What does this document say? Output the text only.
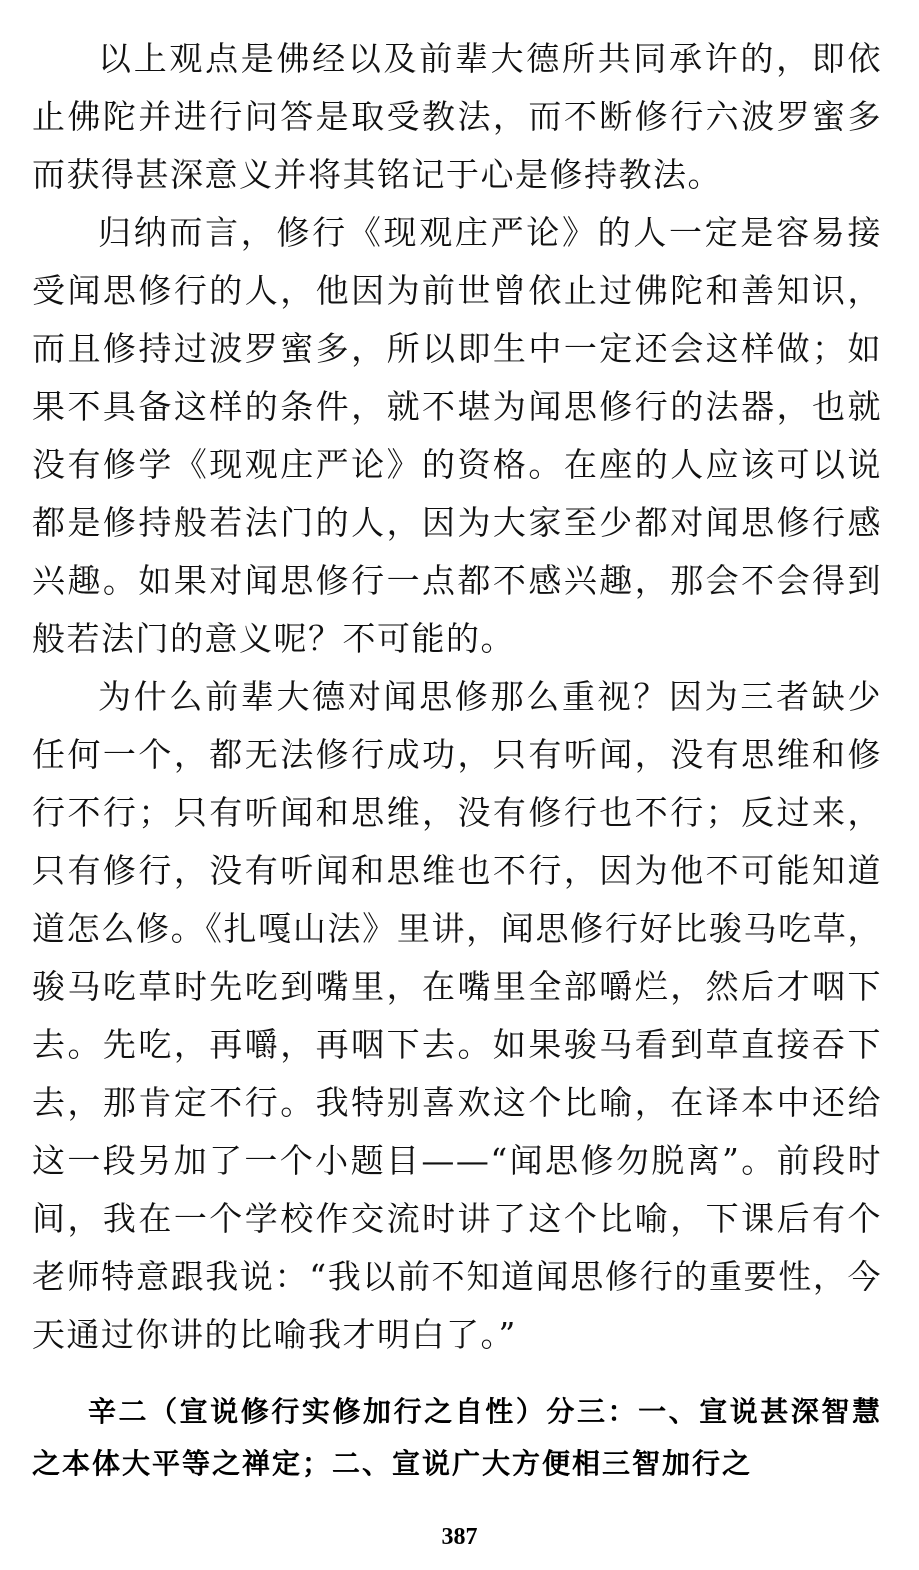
以上观点是佛经以及前辈大德所共同承许的，即依止佛陀并进行问答是取受教法，而不断修行六波罗蜜多而获得甚深意义并将其铭记于心是修持教法。

归纳而言，修行《现观庄严论》的人一定是容易接受闻思修行的人，他因为前世曾依止过佛陀和善知识，而且修持过波罗蜜多，所以即生中一定还会这样做；如果不具备这样的条件，就不堪为闻思修行的法器，也就没有修学《现观庄严论》的资格。在座的人应该可以说都是修持般若法门的人，因为大家至少都对闻思修行感兴趣。如果对闻思修行一点都不感兴趣，那会不会得到般若法门的意义呢？不可能的。

为什么前辈大德对闻思修那么重视？因为三者缺少任何一个，都无法修行成功，只有听闻，没有思维和修行不行；只有听闻和思维，没有修行也不行；反过来，只有修行，没有听闻和思维也不行，因为他不可能知道道怎么修。《扎嘎山法》里讲，闻思修行好比骏马吃草，骏马吃草时先吃到嘴里，在嘴里全部嚼烂，然后才咽下去。先吃，再嚼，再咽下去。如果骏马看到草直接吞下去，那肯定不行。我特别喜欢这个比喻，在译本中还给这一段另加了一个小题目——“闻思修勿脱离”。前段时间，我在一个学校作交流时讲了这个比喻，下课后有个老师特意跟我说：“我以前不知道闻思修行的重要性，今天通过你讲的比喻我才明白了。”

辛二（宣说修行实修加行之自性）分三：一、宣说甚深智慧之本体大平等之禅定；二、宣说广大方便相三智加行之

387
